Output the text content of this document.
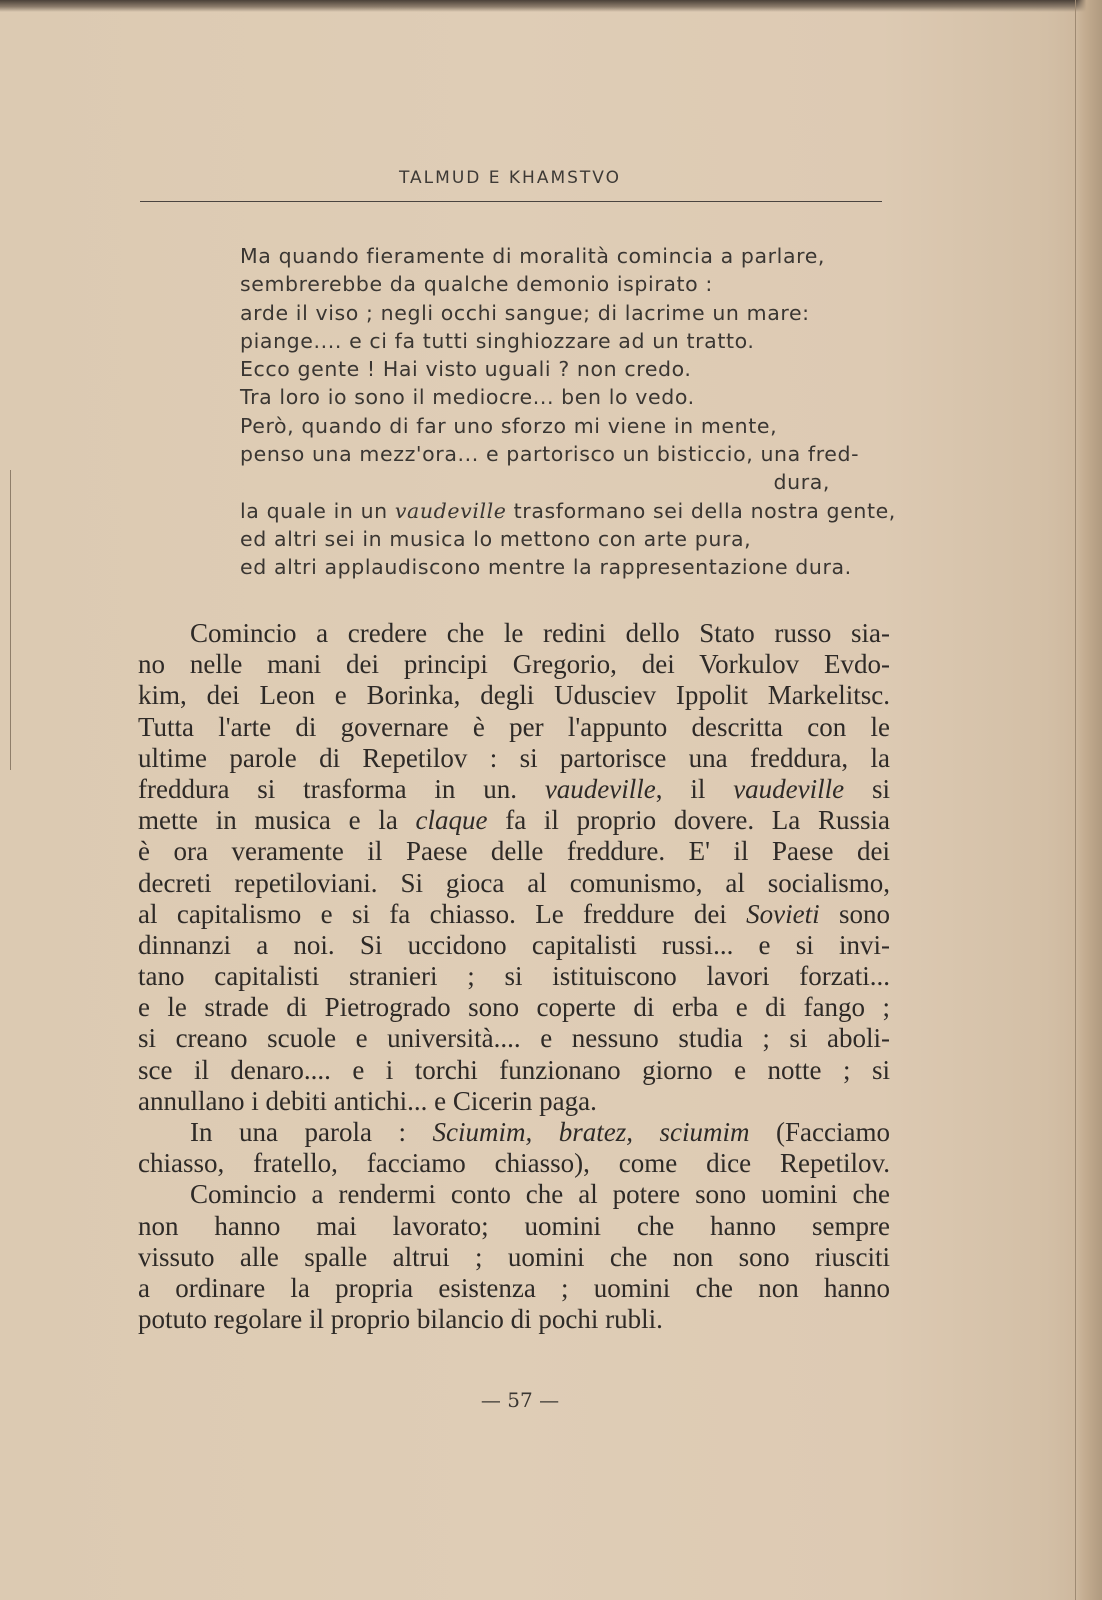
TALMUD E KHAMSTVO
Ma quando fieramente di moralità comincia a parlare,
sembrerebbe da qualche demonio ispirato :
arde il viso ; negli occhi sangue; di lacrime un mare:
piange.... e ci fa tutti singhiozzare ad un tratto.
Ecco gente ! Hai visto uguali ? non credo.
Tra loro io sono il mediocre... ben lo vedo.
Però, quando di far uno sforzo mi viene in mente,
penso una mezz'ora... e partorisco un bisticcio, una fred-
dura,
la quale in un vaudeville trasformano sei della nostra gente,
ed altri sei in musica lo mettono con arte pura,
ed altri applaudiscono mentre la rappresentazione dura.
Comincio a credere che le redini dello Stato russo sia-
no nelle mani dei principi Gregorio, dei Vorkulov Evdo-
kim, dei Leon e Borinka, degli Udusciev Ippolit Markelitsc.
Tutta l'arte di governare è per l'appunto descritta con le
ultime parole di Repetilov : si partorisce una freddura, la
freddura si trasforma in un. vaudeville, il vaudeville si
mette in musica e la claque fa il proprio dovere. La Russia
è ora veramente il Paese delle freddure. E' il Paese dei
decreti repetiloviani. Si gioca al comunismo, al socialismo,
al capitalismo e si fa chiasso. Le freddure dei Sovieti sono
dinnanzi a noi. Si uccidono capitalisti russi... e si invi-
tano capitalisti stranieri ; si istituiscono lavori forzati...
e le strade di Pietrogrado sono coperte di erba e di fango ;
si creano scuole e università.... e nessuno studia ; si aboli-
sce il denaro.... e i torchi funzionano giorno e notte ; si
annullano i debiti antichi... e Cicerin paga.
In una parola : Sciumim, bratez, sciumim (Facciamo
chiasso, fratello, facciamo chiasso), come dice Repetilov.
Comincio a rendermi conto che al potere sono uomini che
non hanno mai lavorato; uomini che hanno sempre
vissuto alle spalle altrui ; uomini che non sono riusciti
a ordinare la propria esistenza ; uomini che non hanno
potuto regolare il proprio bilancio di pochi rubli.
— 57 —
